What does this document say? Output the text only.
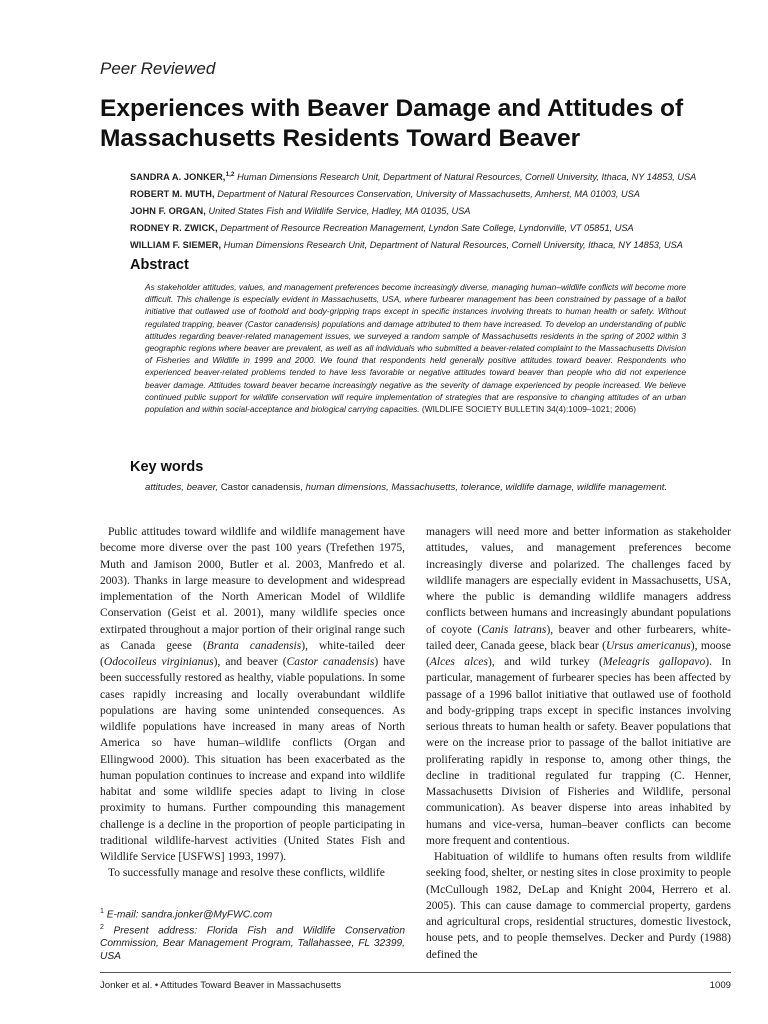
Peer Reviewed
Experiences with Beaver Damage and Attitudes of Massachusetts Residents Toward Beaver
SANDRA A. JONKER,$^{1,2}$ Human Dimensions Research Unit, Department of Natural Resources, Cornell University, Ithaca, NY 14853, USA
ROBERT M. MUTH, Department of Natural Resources Conservation, University of Massachusetts, Amherst, MA 01003, USA
JOHN F. ORGAN, United States Fish and Wildlife Service, Hadley, MA 01035, USA
RODNEY R. ZWICK, Department of Resource Recreation Management, Lyndon Sate College, Lyndonville, VT 05851, USA
WILLIAM F. SIEMER, Human Dimensions Research Unit, Department of Natural Resources, Cornell University, Ithaca, NY 14853, USA
Abstract
As stakeholder attitudes, values, and management preferences become increasingly diverse, managing human–wildlife conflicts will become more difficult. This challenge is especially evident in Massachusetts, USA, where furbearer management has been constrained by passage of a ballot initiative that outlawed use of foothold and body-gripping traps except in specific instances involving threats to human health or safety. Without regulated trapping, beaver (Castor canadensis) populations and damage attributed to them have increased. To develop an understanding of public attitudes regarding beaver-related management issues, we surveyed a random sample of Massachusetts residents in the spring of 2002 within 3 geographic regions where beaver are prevalent, as well as all individuals who submitted a beaver-related complaint to the Massachusetts Division of Fisheries and Wildlife in 1999 and 2000. We found that respondents held generally positive attitudes toward beaver. Respondents who experienced beaver-related problems tended to have less favorable or negative attitudes toward beaver than people who did not experience beaver damage. Attitudes toward beaver became increasingly negative as the severity of damage experienced by people increased. We believe continued public support for wildlife conservation will require implementation of strategies that are responsive to changing attitudes of an urban population and within social-acceptance and biological carrying capacities. (WILDLIFE SOCIETY BULLETIN 34(4):1009–1021; 2006)
Key words
attitudes, beaver, Castor canadensis, human dimensions, Massachusetts, tolerance, wildlife damage, wildlife management.

Public attitudes toward wildlife and wildlife management have become more diverse over the past 100 years (Trefethen 1975, Muth and Jamison 2000, Butler et al. 2003, Manfredo et al. 2003). Thanks in large measure to development and widespread implementation of the North American Model of Wildlife Conservation (Geist et al. 2001), many wildlife species once extirpated throughout a major portion of their original range such as Canada geese (Branta canadensis), white-tailed deer (Odocoileus virginianus), and beaver (Castor canadensis) have been successfully restored as healthy, viable populations. In some cases rapidly increasing and locally overabundant wildlife populations are having some unintended consequences. As wildlife populations have increased in many areas of North America so have human–wildlife conflicts (Organ and Ellingwood 2000). This situation has been exacerbated as the human population continues to increase and expand into wildlife habitat and some wildlife species adapt to living in close proximity to humans. Further compounding this management challenge is a decline in the proportion of people participating in traditional wildlife-harvest activities (United States Fish and Wildlife Service [USFWS] 1993, 1997).

To successfully manage and resolve these conflicts, wildlife

managers will need more and better information as stakeholder attitudes, values, and management preferences become increasingly diverse and polarized. The challenges faced by wildlife managers are especially evident in Massachusetts, USA, where the public is demanding wildlife managers address conflicts between humans and increasingly abundant populations of coyote (Canis latrans), beaver and other furbearers, white-tailed deer, Canada geese, black bear (Ursus americanus), moose (Alces alces), and wild turkey (Meleagris gallopavo). In particular, management of furbearer species has been affected by passage of a 1996 ballot initiative that outlawed use of foothold and body-gripping traps except in specific instances involving serious threats to human health or safety. Beaver populations that were on the increase prior to passage of the ballot initiative are proliferating rapidly in response to, among other things, the decline in traditional regulated fur trapping (C. Henner, Massachusetts Division of Fisheries and Wildlife, personal communication). As beaver disperse into areas inhabited by humans and vice-versa, human–beaver conflicts can become more frequent and contentious.

Habituation of wildlife to humans often results from wildlife seeking food, shelter, or nesting sites in close proximity to people (McCullough 1982, DeLap and Knight 2004, Herrero et al. 2005). This can cause damage to commercial property, gardens and agricultural crops, residential structures, domestic livestock, house pets, and to people themselves. Decker and Purdy (1988) defined the

$^1$ E-mail: sandra.jonker@MyFWC.com

$^2$ Present address: Florida Fish and Wildlife Conservation Commission, Bear Management Program, Tallahassee, FL 32399, USA

Jonker et al. • Attitudes Toward Beaver in Massachusetts	1009
